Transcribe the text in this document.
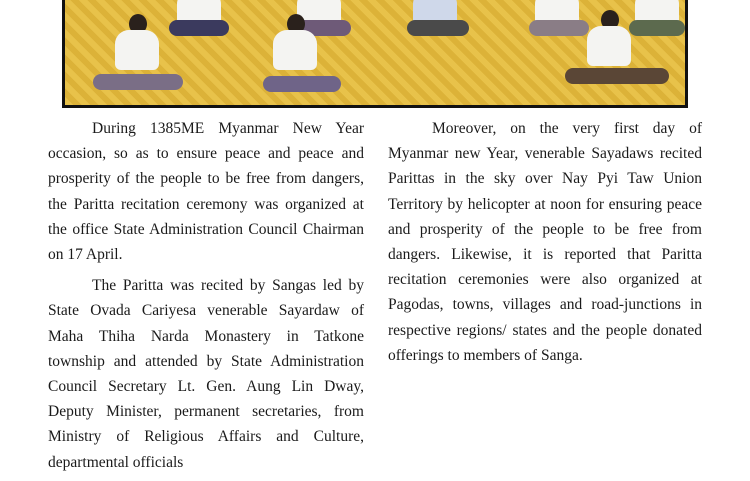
During 1385ME Myanmar New Year occasion, so as to ensure peace and peace and prosperity of the people to be free from dangers, the Paritta recitation ceremony was organized at the office State Administration Council Chairman on 17 April.

The Paritta was recited by Sangas led by State Ovada Cariyesa venerable Sayardaw of Maha Thiha Narda Monastery in Tatkone township and attended by State Administration Council Secretary Lt. Gen. Aung Lin Dway, Deputy Minister, permanent secretaries, from Ministry of Religious Affairs and Culture, departmental officials

Moreover, on the very first day of Myanmar new Year, venerable Sayadaws recited Parittas in the sky over Nay Pyi Taw Union Territory by helicopter at noon for ensuring peace and prosperity of the people to be free from dangers. Likewise, it is reported that Paritta recitation ceremonies were also organized at Pagodas, towns, villages and road-junctions in respective regions/ states and the people donated offerings to members of Sanga.
